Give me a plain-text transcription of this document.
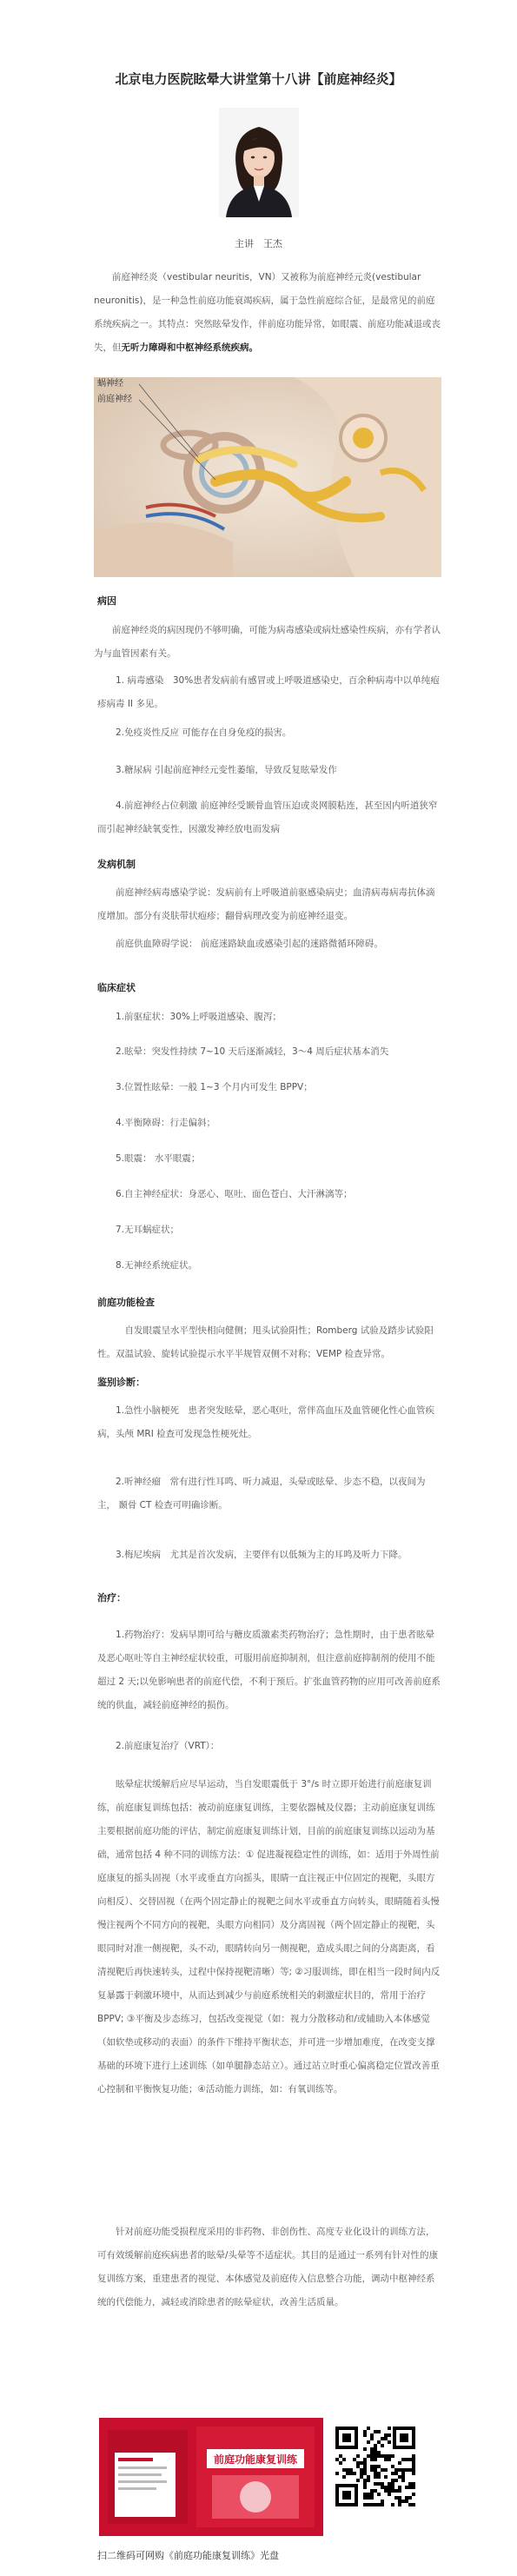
北京电力医院眩晕大讲堂第十八讲【前庭神经炎】
主讲　王杰

前庭神经炎（vestibular neuritis，VN）又被称为前庭神经元炎(vestibular neuronitis)，是一种急性前庭功能衰竭疾病，属于急性前庭综合征，是最常见的前庭系统疾病之一。其特点：突然眩晕发作，伴前庭功能异常，如眼震、前庭功能减退或丧失，但无听力障碍和中枢神经系统疾病。

蜗神经
前庭神经
病因

前庭神经炎的病因现仍不够明确，可能为病毒感染或病灶感染性疾病，亦有学者认为与血管因素有关。

1. 病毒感染　30%患者发病前有感冒或上呼吸道感染史，百余种病毒中以单纯疱疹病毒 II 多见。

2.免疫炎性反应 可能存在自身免疫的损害。

3.糖尿病 引起前庭神经元变性萎缩，导致反复眩晕发作

4.前庭神经占位刺激 前庭神经受颞骨血管压迫或炎网膜粘连，甚至因内听道狭窄而引起神经缺氧变性，因激发神经放电而发病

发病机制

前庭神经病毒感染学说：发病前有上呼吸道前驱感染病史；血清病毒病毒抗体滴度增加。部分有炎肤带状疱疹；翻骨病理改变为前庭神经退变。

前庭供血障碍学说： 前庭迷路缺血或感染引起的迷路微循环障碍。

临床症状

1.前驱症状：30%上呼吸道感染、腹泻；

2.眩晕：突发性持续 7~10 天后逐渐减轻，3～4 周后症状基本消失

3.位置性眩晕：一般 1~3 个月内可发生 BPPV；

4.平衡障碍：行走偏斜；

5.眼震： 水平眼震；

6.自主神经症状：身恶心、呕吐、面色苍白、大汗淋漓等；

7.无耳蜗症状；

8.无神经系统症状。

前庭功能检查

自发眼震呈水平型快相向健侧；甩头试验阳性；Romberg 试验及踏步试验阳性。双温试验、旋转试验提示水平半规管双侧不对称；VEMP 检查异常。

鉴别诊断：

1.急性小脑梗死　患者突发眩晕，恶心呕吐，常伴高血压及血管硬化性心血管疾病，头颅 MRI 检查可发现急性梗死灶。

2.听神经瘤　常有进行性耳鸣、听力减退，头晕或眩晕、步态不稳，以夜间为主， 颞骨 CT 检查可明确诊断。

3.梅尼埃病　尤其是首次发病，主要伴有以低频为主的耳鸣及听力下降。

治疗：

1.药物治疗：发病早期可给与糖皮质激素类药物治疗；急性期时，由于患者眩晕及恶心呕吐等自主神经症状较重，可服用前庭抑制剂，但注意前庭抑制剂的使用不能超过 2 天;以免影响患者的前庭代偿，不利于预后。扩张血管药物的应用可改善前庭系统的供血，减轻前庭神经的损伤。

2.前庭康复治疗（VRT）：

眩晕症状缓解后应尽早运动，当自发眼震低于 3°/s 时立即开始进行前庭康复训练，前庭康复训练包括：被动前庭康复训练，主要依器械及仪器；主动前庭康复训练 主要根据前庭功能的评估，制定前庭康复训练计划，目前的前庭康复训练以运动为基础，通常包括 4 种不同的训练方法：① 促进凝视稳定性的训练，如：适用于外周性前庭康复的摇头固视（水平或垂直方向摇头，眼睛一直注视正中位固定的视靶，头眼方向相反）、交替固视（在两个固定静止的视靶之间水平或垂直方向转头，眼睛随着头慢慢注视两个不同方向的视靶，头眼方向相同）及分离固视（两个固定静止的视靶，头眼同时对准一侧视靶，头不动，眼睛转向另一侧视靶，造成头眼之间的分离距离，看清视靶后再快速转头，过程中保持视靶清晰）等; ②习服训练，即在相当一段时间内反复暴露于刺激环境中，从而达到减少与前庭系统相关的刺激症状目的，常用于治疗 BPPV; ③平衡及步态练习，包括改变视觉（如：视力分散移动和/或辅助入本体感觉（如软垫或移动的表面）的条件下维持平衡状态，并可进一步增加难度，在改变支撑基础的环境下进行上述训练（如单腿静态站立）。通过站立时重心偏离稳定位置改善重心控制和平衡恢复功能；④活动能力训练，如：有氧训练等。

针对前庭功能受损程度采用的非药物、非创伤性、高度专业化设计的训练方法，可有效缓解前庭疾病患者的眩晕/头晕等不适症状。其目的是通过一系列有针对性的康复训练方案，重建患者的视觉、本体感觉及前庭传入信息整合功能，调动中枢神经系统的代偿能力，减轻或消除患者的眩晕症状，改善生活质量。

前庭功能康复训练
扫二维码可网购《前庭功能康复训练》光盘
